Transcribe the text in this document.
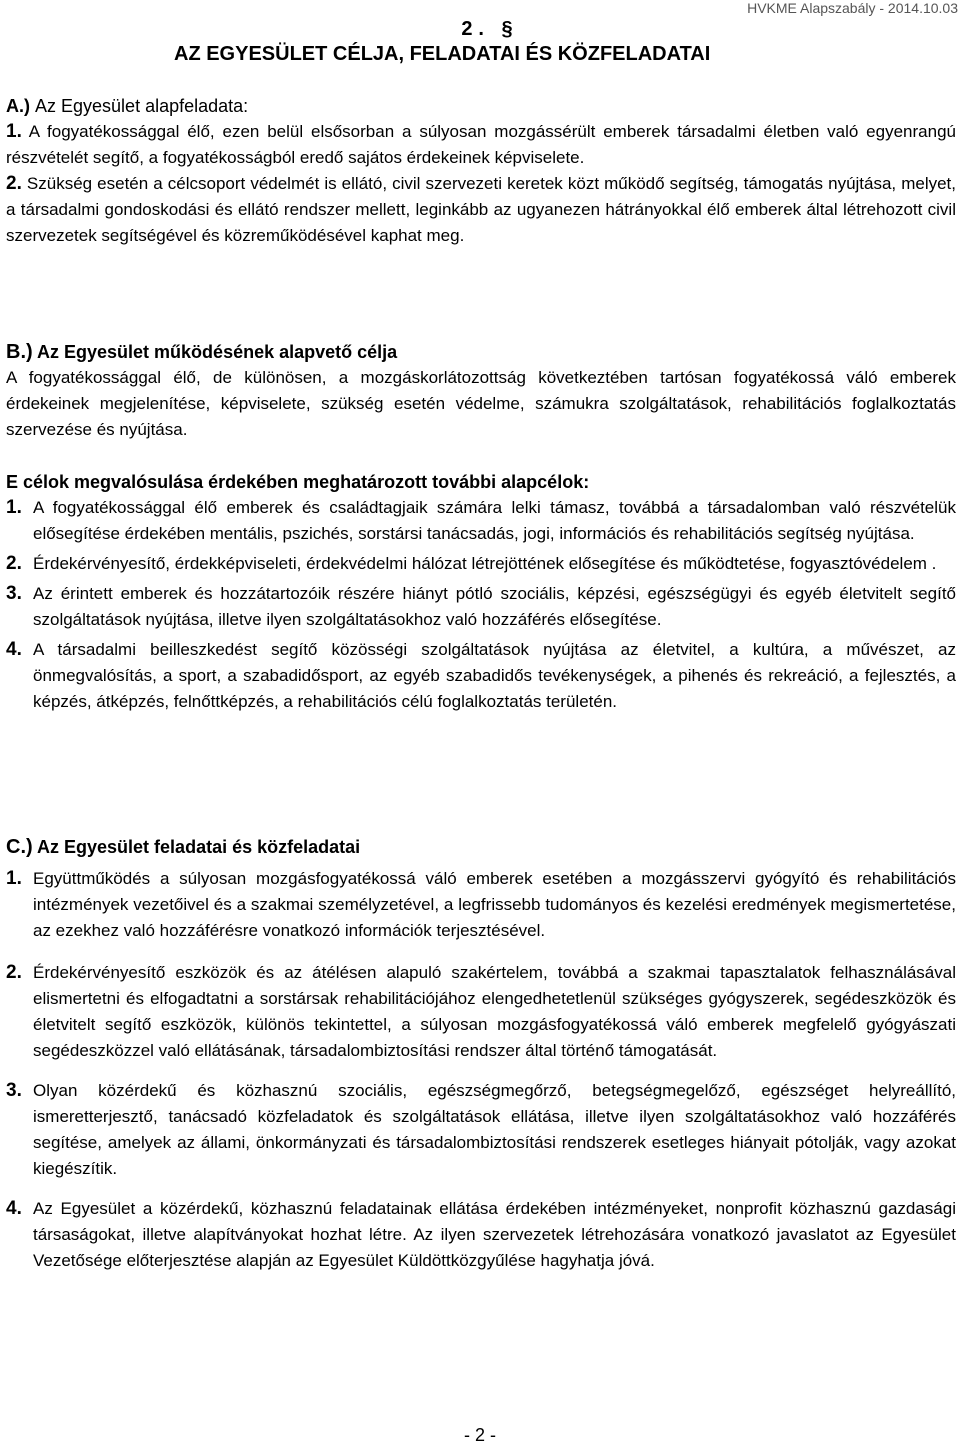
HVKME Alapszabály - 2014.10.03
2. §
AZ EGYESÜLET CÉLJA, FELADATAI ÉS KÖZFELADATAI
A.) Az Egyesület alapfeladata:

1. A fogyatékossággal élő, ezen belül elsősorban a súlyosan mozgássérült emberek társadalmi életben való egyenrangú részvételét segítő, a fogyatékosságból eredő sajátos érdekeinek képviselete.

2. Szükség esetén a célcsoport védelmét is ellátó, civil szervezeti keretek közt működő segítség, támogatás nyújtása, melyet, a társadalmi gondoskodási és ellátó rendszer mellett, leginkább az ugyanezen hátrányokkal élő emberek által létrehozott civil szervezetek segítségével és közreműködésével kaphat meg.

B.) Az Egyesület működésének alapvető célja

A fogyatékossággal élő, de különösen, a mozgáskorlátozottság következtében tartósan fogyatékossá váló emberek érdekeinek megjelenítése, képviselete, szükség esetén védelme, számukra szolgáltatások, rehabilitációs foglalkoztatás szervezése és nyújtása.

E célok megvalósulása érdekében meghatározott további alapcélok:
1. A fogyatékossággal élő emberek és családtagjaik számára lelki támasz, továbbá a társadalomban való részvételük elősegítése érdekében mentális, pszichés, sorstársi tanácsadás, jogi, információs és rehabilitációs segítség nyújtása.
2. Érdekérvényesítő, érdekképviseleti, érdekvédelmi hálózat létrejöttének elősegítése és működtetése, fogyasztóvédelem .
3. Az érintett emberek és hozzátartozóik részére hiányt pótló szociális, képzési, egészségügyi és egyéb életvitelt segítő szolgáltatások nyújtása, illetve ilyen szolgáltatásokhoz való hozzáférés elősegítése.
4. A társadalmi beilleszkedést segítő közösségi szolgáltatások nyújtása az életvitel, a kultúra, a művészet, az önmegvalósítás, a sport, a szabadidősport, az egyéb szabadidős tevékenységek, a pihenés és rekreáció, a fejlesztés, a képzés, átképzés, felnőttképzés, a rehabilitációs célú foglalkoztatás területén.
C.) Az Egyesület feladatai és közfeladatai
1. Együttműködés a súlyosan mozgásfogyatékossá váló emberek esetében a mozgásszervi gyógyító és rehabilitációs intézmények vezetőivel és a szakmai személyzetével, a legfrissebb tudományos és kezelési eredmények megismertetése, az ezekhez való hozzáférésre vonatkozó információk terjesztésével.
2. Érdekérvényesítő eszközök és az átélésen alapuló szakértelem, továbbá a szakmai tapasztalatok felhasználásával elismertetni és elfogadtatni a sorstársak rehabilitációjához elengedhetetlenül szükséges gyógyszerek, segédeszközök és életvitelt segítő eszközök, különös tekintettel, a súlyosan mozgásfogyatékossá váló emberek megfelelő gyógyászati segédeszközzel való ellátásának, társadalombiztosítási rendszer által történő támogatását.
3. Olyan közérdekű és közhasznú szociális, egészségmegőrző, betegségmegelőző, egészséget helyreállító, ismeretterjesztő, tanácsadó közfeladatok és szolgáltatások ellátása, illetve ilyen szolgáltatásokhoz való hozzáférés segítése, amelyek az állami, önkormányzati és társadalombiztosítási rendszerek esetleges hiányait pótolják, vagy azokat kiegészítik.
4. Az Egyesület a közérdekű, közhasznú feladatainak ellátása érdekében intézményeket, nonprofit közhasznú gazdasági társaságokat, illetve alapítványokat hozhat létre. Az ilyen szervezetek létrehozására vonatkozó javaslatot az Egyesület Vezetősége előterjesztése alapján az Egyesület Küldöttközgyűlése hagyhatja jóvá.
- 2 -
